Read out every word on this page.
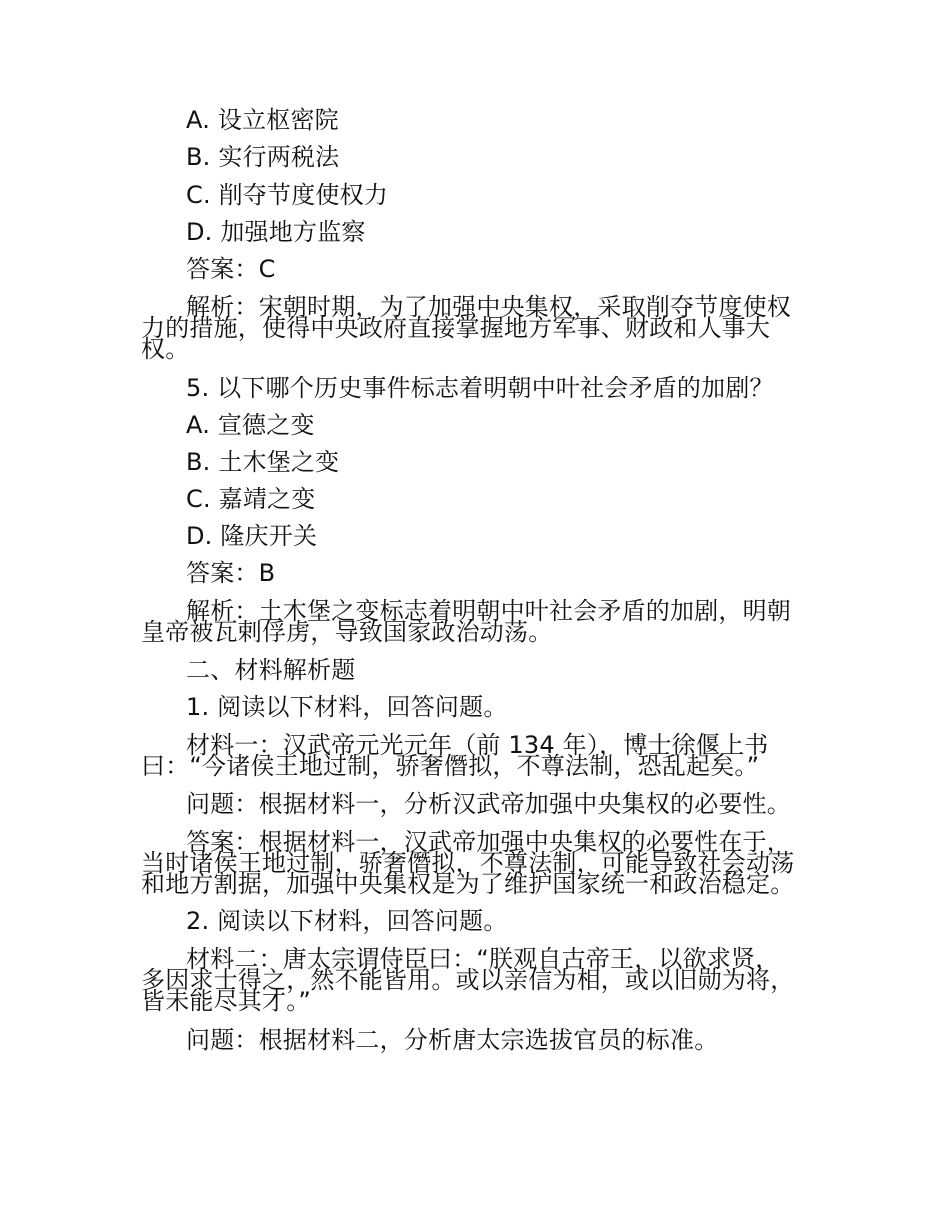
A. 设立枢密院
B. 实行两税法
C. 削夺节度使权力
D. 加强地方监察
答案：C
解析：宋朝时期，为了加强中央集权，采取削夺节度使权
力的措施，使得中央政府直接掌握地方军事、财政和人事大
权。
5. 以下哪个历史事件标志着明朝中叶社会矛盾的加剧？
A. 宣德之变
B. 土木堡之变
C. 嘉靖之变
D. 隆庆开关
答案：B
解析：土木堡之变标志着明朝中叶社会矛盾的加剧，明朝
皇帝被瓦剌俘虏，导致国家政治动荡。
二、材料解析题
1. 阅读以下材料，回答问题。
材料一：汉武帝元光元年（前 134 年），博士徐偃上书
曰：“今诸侯王地过制，骄奢僭拟，不尊法制，恐乱起矣。”
问题：根据材料一，分析汉武帝加强中央集权的必要性。
答案：根据材料一，汉武帝加强中央集权的必要性在于，
当时诸侯王地过制，骄奢僭拟，不尊法制，可能导致社会动荡
和地方割据，加强中央集权是为了维护国家统一和政治稳定。
2. 阅读以下材料，回答问题。
材料二：唐太宗谓侍臣曰：“朕观自古帝王，以欲求贤，
多因求士得之，然不能皆用。或以亲信为相，或以旧勋为将，
皆未能尽其才。”
问题：根据材料二，分析唐太宗选拔官员的标准。
